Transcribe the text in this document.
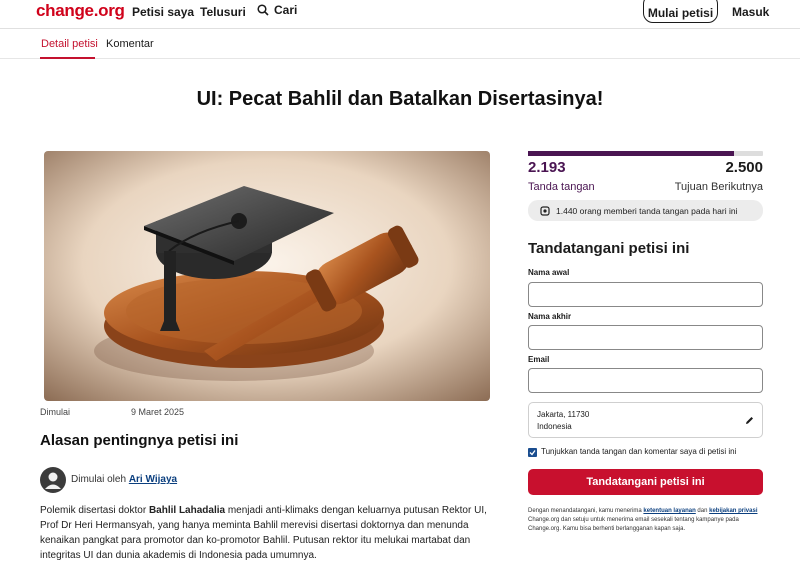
change.org Petisi saya Telusuri Cari	Mulai petisi	Masuk
Detail petisi Komentar
UI: Pecat Bahlil dan Batalkan Disertasinya!
Dimulai	9 Maret 2025
Alasan pentingnya petisi ini
Dimulai oleh Ari Wijaya

Polemik disertasi doktor Bahlil Lahadalia menjadi anti-klimaks dengan keluarnya putusan Rektor UI, Prof Dr Heri Hermansyah, yang hanya meminta Bahlil merevisi disertasi doktornya dan menunda kenaikan pangkat para promotor dan ko-promotor Bahlil. Putusan rektor itu melukai martabat dan integritas UI dan dunia akademis di Indonesia pada umumnya.

2.193	2.500
Tanda tangan	Tujuan Berikutnya
1.440 orang memberi tanda tangan pada hari ini
Tandatangani petisi ini
Nama awal
Nama akhir
Email
Jakarta, 11730
Indonesia
Tunjukkan tanda tangan dan komentar saya di petisi ini
Tandatangani petisi ini

Dengan menandatangani, kamu menerima ketentuan layanan dan kebijakan privasi Change.org dan setuju untuk menerima email sesekali tentang kampanye pada Change.org. Kamu bisa berhenti berlangganan kapan saja.
